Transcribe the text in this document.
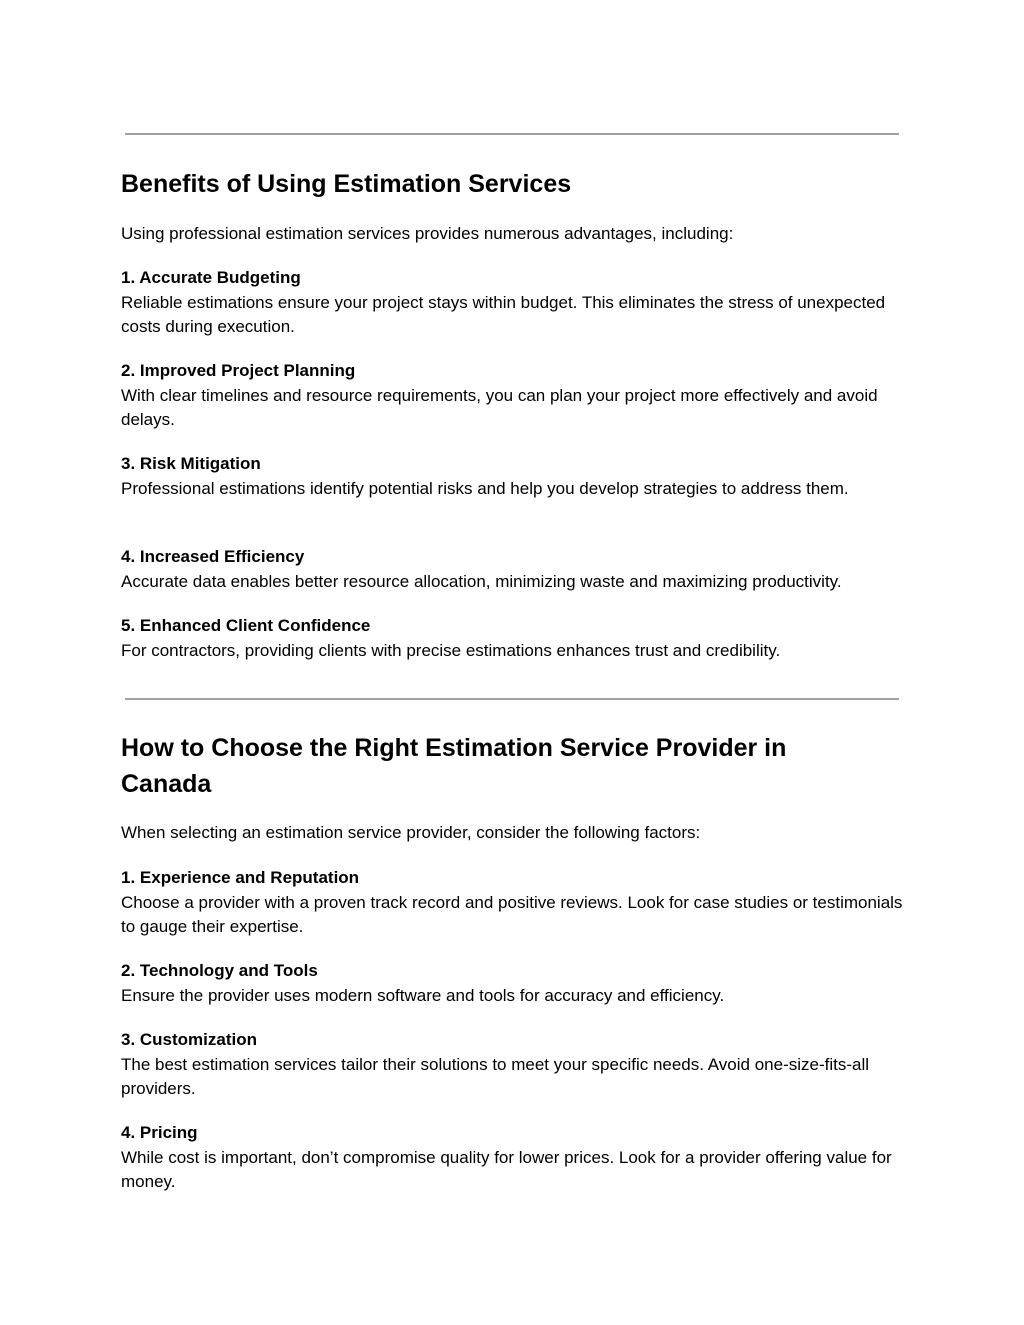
Benefits of Using Estimation Services

Using professional estimation services provides numerous advantages, including:

1. Accurate Budgeting
Reliable estimations ensure your project stays within budget. This eliminates the stress of unexpected costs during execution.
2. Improved Project Planning
With clear timelines and resource requirements, you can plan your project more effectively and avoid delays.
3. Risk Mitigation
Professional estimations identify potential risks and help you develop strategies to address them.
4. Increased Efficiency
Accurate data enables better resource allocation, minimizing waste and maximizing productivity.
5. Enhanced Client Confidence
For contractors, providing clients with precise estimations enhances trust and credibility.
How to Choose the Right Estimation Service Provider in Canada

When selecting an estimation service provider, consider the following factors:

1. Experience and Reputation
Choose a provider with a proven track record and positive reviews. Look for case studies or testimonials to gauge their expertise.
2. Technology and Tools
Ensure the provider uses modern software and tools for accuracy and efficiency.
3. Customization
The best estimation services tailor their solutions to meet your specific needs. Avoid one-size-fits-all providers.
4. Pricing
While cost is important, don’t compromise quality for lower prices. Look for a provider offering value for money.
